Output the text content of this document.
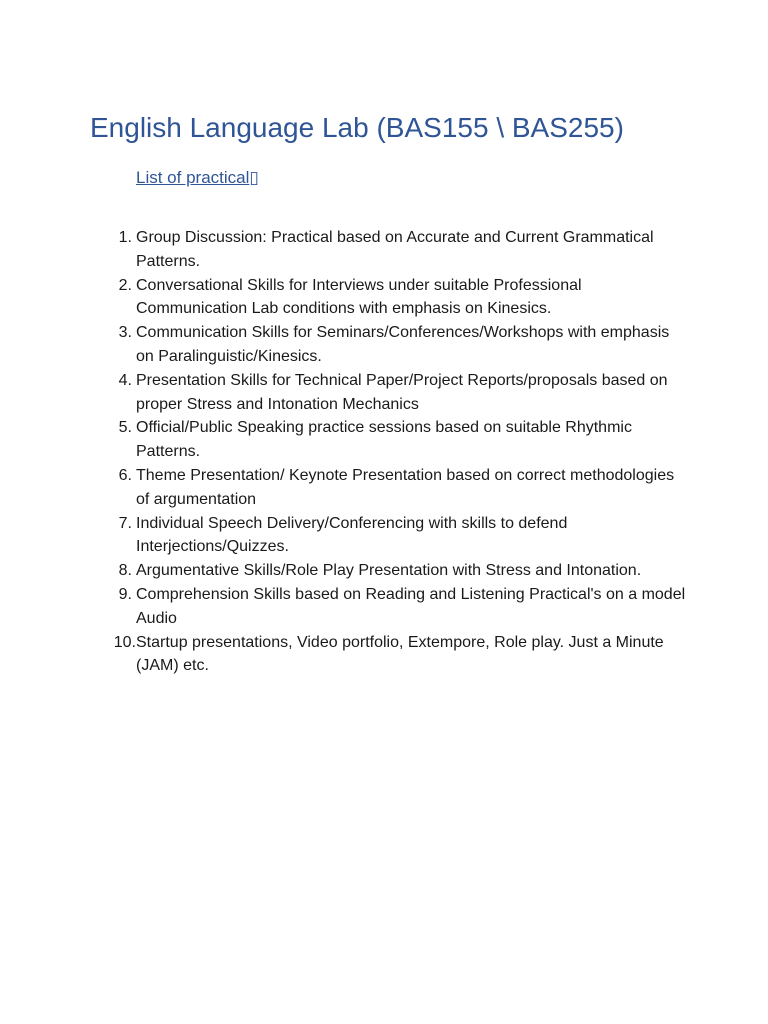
English Language Lab (BAS155 \ BAS255)
List of practical▯
1. Group Discussion: Practical based on Accurate and Current Grammatical Patterns.
2. Conversational Skills for Interviews under suitable Professional Communication Lab conditions with emphasis on Kinesics.
3. Communication Skills for Seminars/Conferences/Workshops with emphasis on Paralinguistic/Kinesics.
4. Presentation Skills for Technical Paper/Project Reports/proposals based on proper Stress and Intonation Mechanics
5. Official/Public Speaking practice sessions based on suitable Rhythmic Patterns.
6. Theme Presentation/ Keynote Presentation based on correct methodologies of argumentation
7. Individual Speech Delivery/Conferencing with skills to defend Interjections/Quizzes.
8. Argumentative Skills/Role Play Presentation with Stress and Intonation.
9. Comprehension Skills based on Reading and Listening Practical's on a model Audio
10. Startup presentations, Video portfolio, Extempore, Role play. Just a Minute (JAM) etc.
